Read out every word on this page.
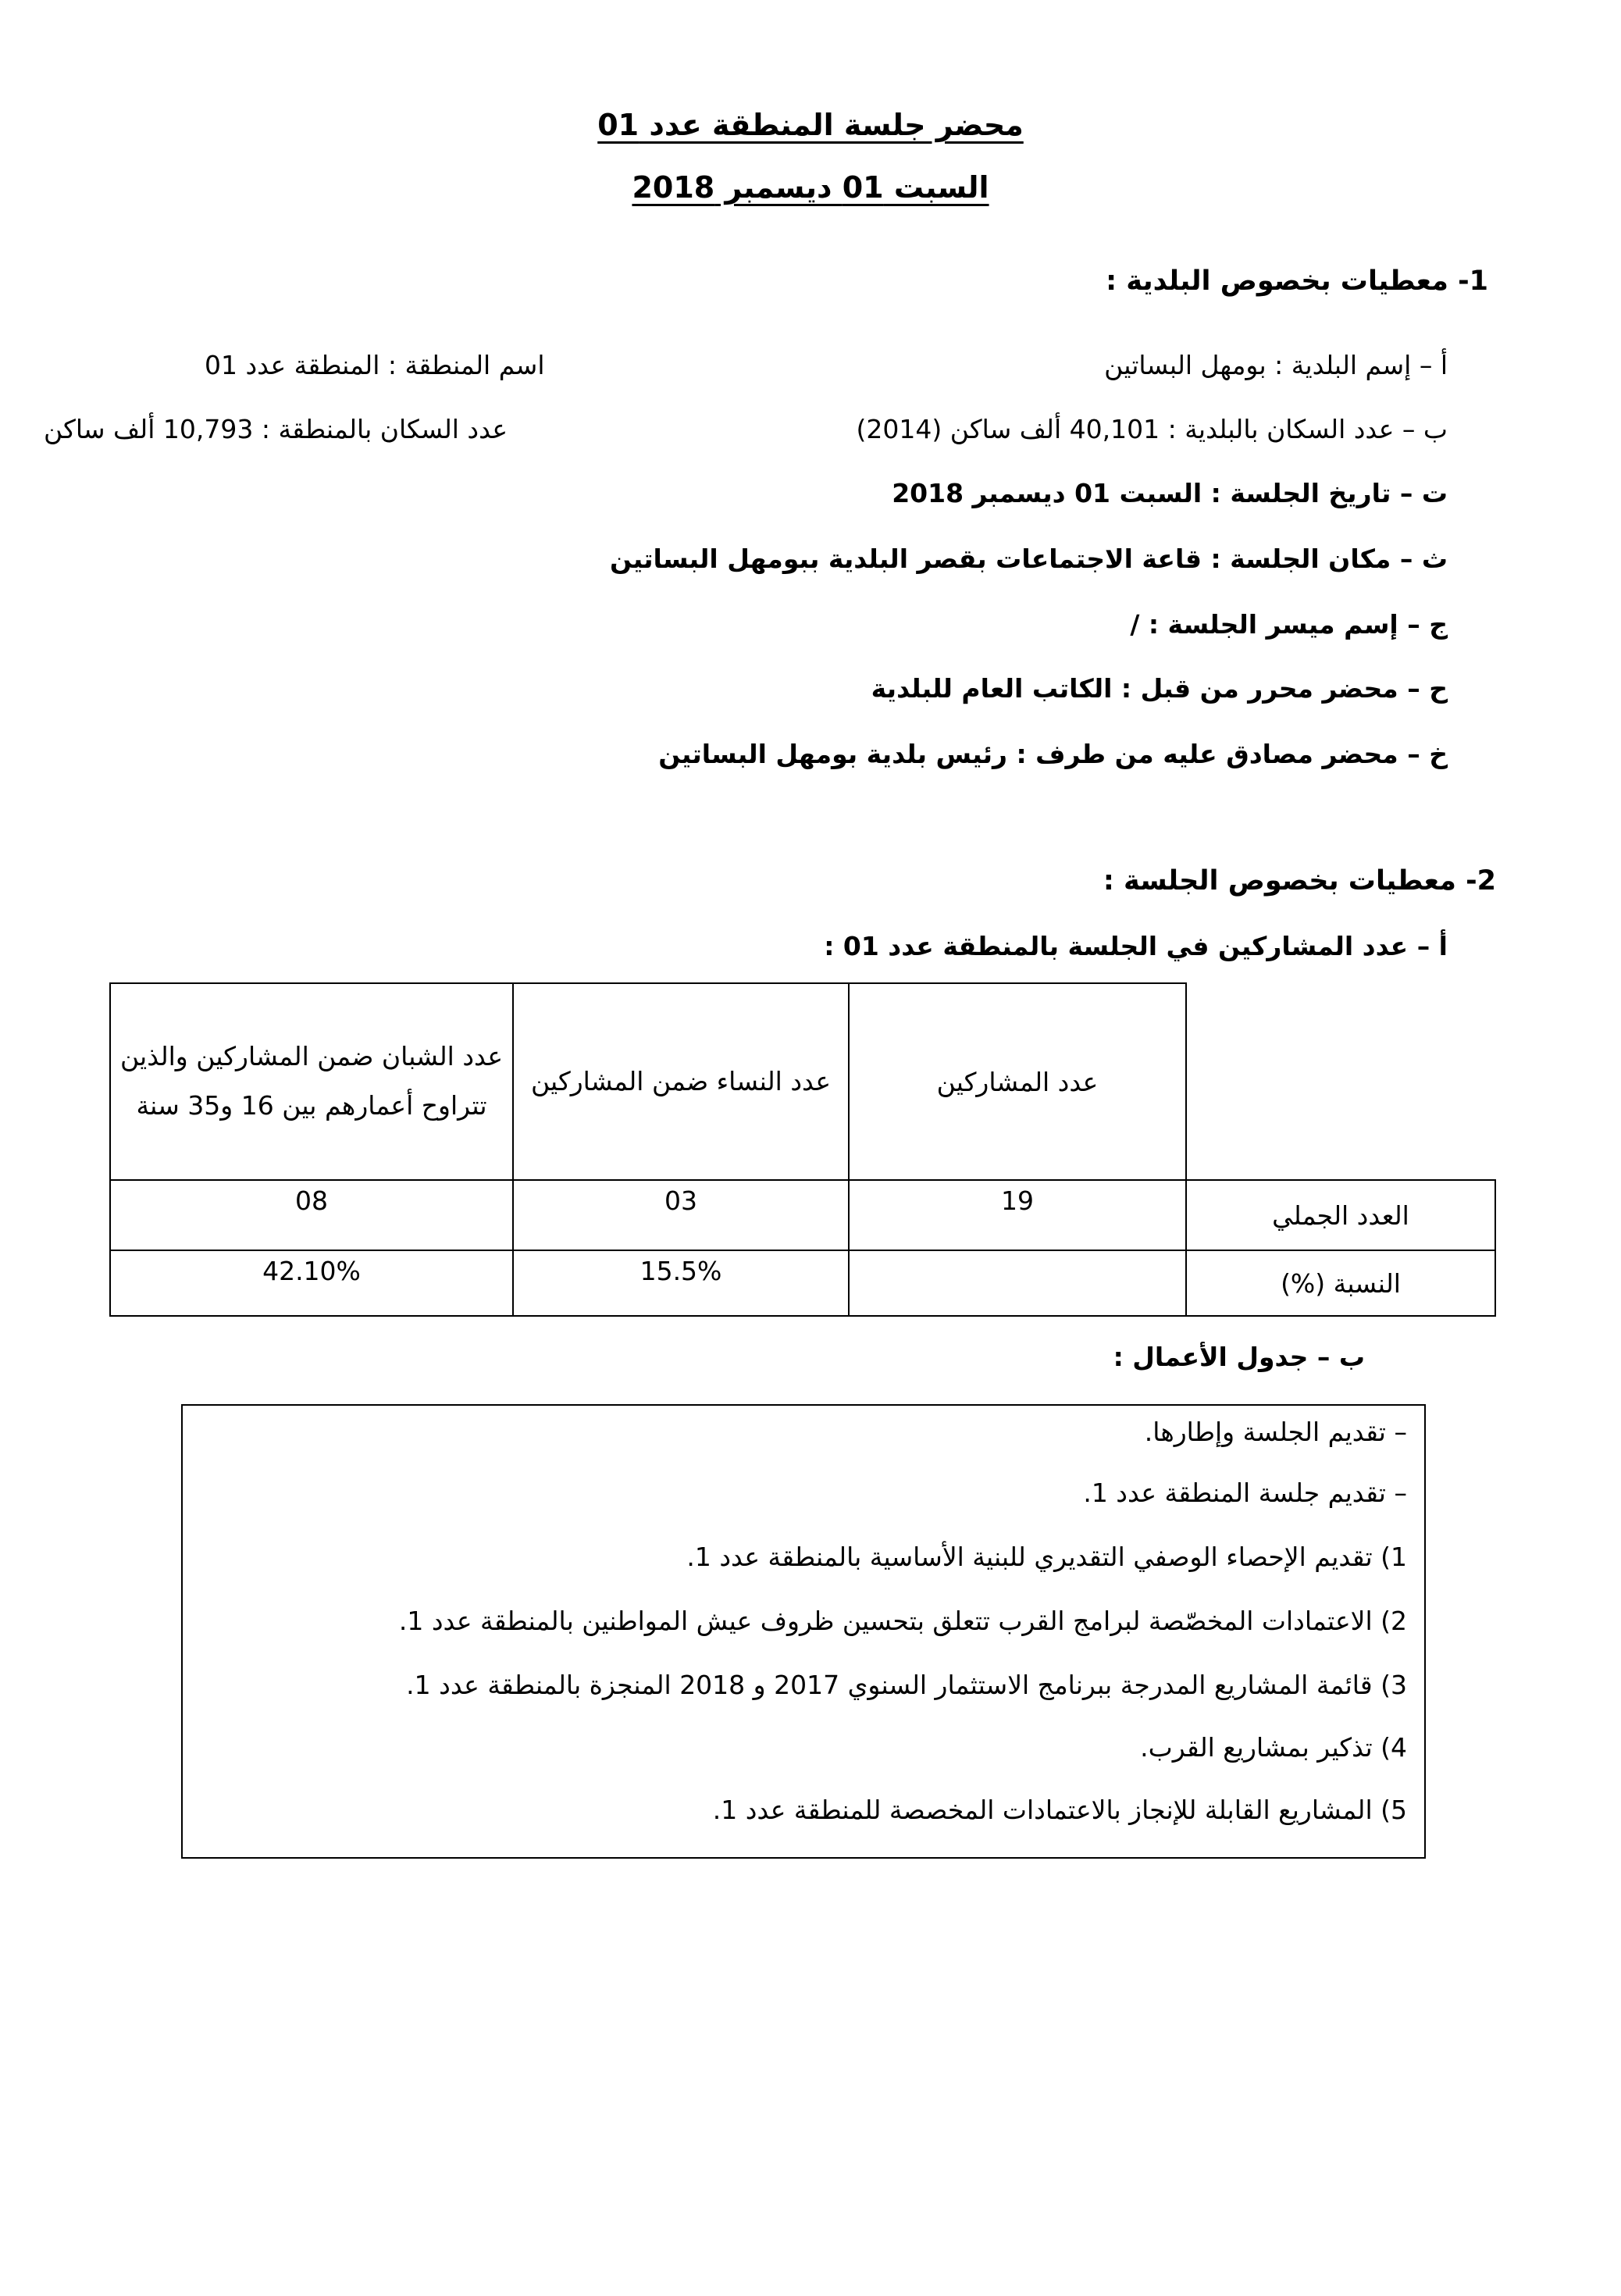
محضر جلسة المنطقة عدد 01
السبت 01 ديسمبر 2018
1- معطيات بخصوص البلدية :
أ – إسم البلدية : بومهل البساتين
اسم المنطقة : المنطقة عدد 01
ب – عدد السكان بالبلدية : 40,101 ألف ساكن (2014)
عدد السكان بالمنطقة : 10,793 ألف ساكن
ت – تاريخ الجلسة : السبت 01 ديسمبر 2018
ث – مكان الجلسة : قاعة الاجتماعات بقصر البلدية ببومهل البساتين
ج – إسم ميسر الجلسة : /
ح – محضر محرر من قبل : الكاتب العام للبلدية
خ – محضر مصادق عليه من طرف : رئيس بلدية بومهل البساتين
2- معطيات بخصوص الجلسة :
أ – عدد المشاركين في الجلسة بالمنطقة عدد 01 :
	عدد المشاركين	عدد النساء ضمن المشاركين	عدد الشبان ضمن المشاركين والذين تتراوح أعمارهم بين 16 و35 سنة
العدد الجملي	19	03	08
النسبة (%)		15.5%	42.10%
ب – جدول الأعمال :
– تقديم الجلسة وإطارها.
– تقديم جلسة المنطقة عدد 1.
1) تقديم الإحصاء الوصفي التقديري للبنية الأساسية بالمنطقة عدد 1.
2) الاعتمادات المخصّصة لبرامج القرب تتعلق بتحسين ظروف عيش المواطنين بالمنطقة عدد 1.
3) قائمة المشاريع المدرجة ببرنامج الاستثمار السنوي 2017 و 2018 المنجزة بالمنطقة عدد 1.
4) تذكير بمشاريع القرب.
5) المشاريع القابلة للإنجاز بالاعتمادات المخصصة للمنطقة عدد 1.
